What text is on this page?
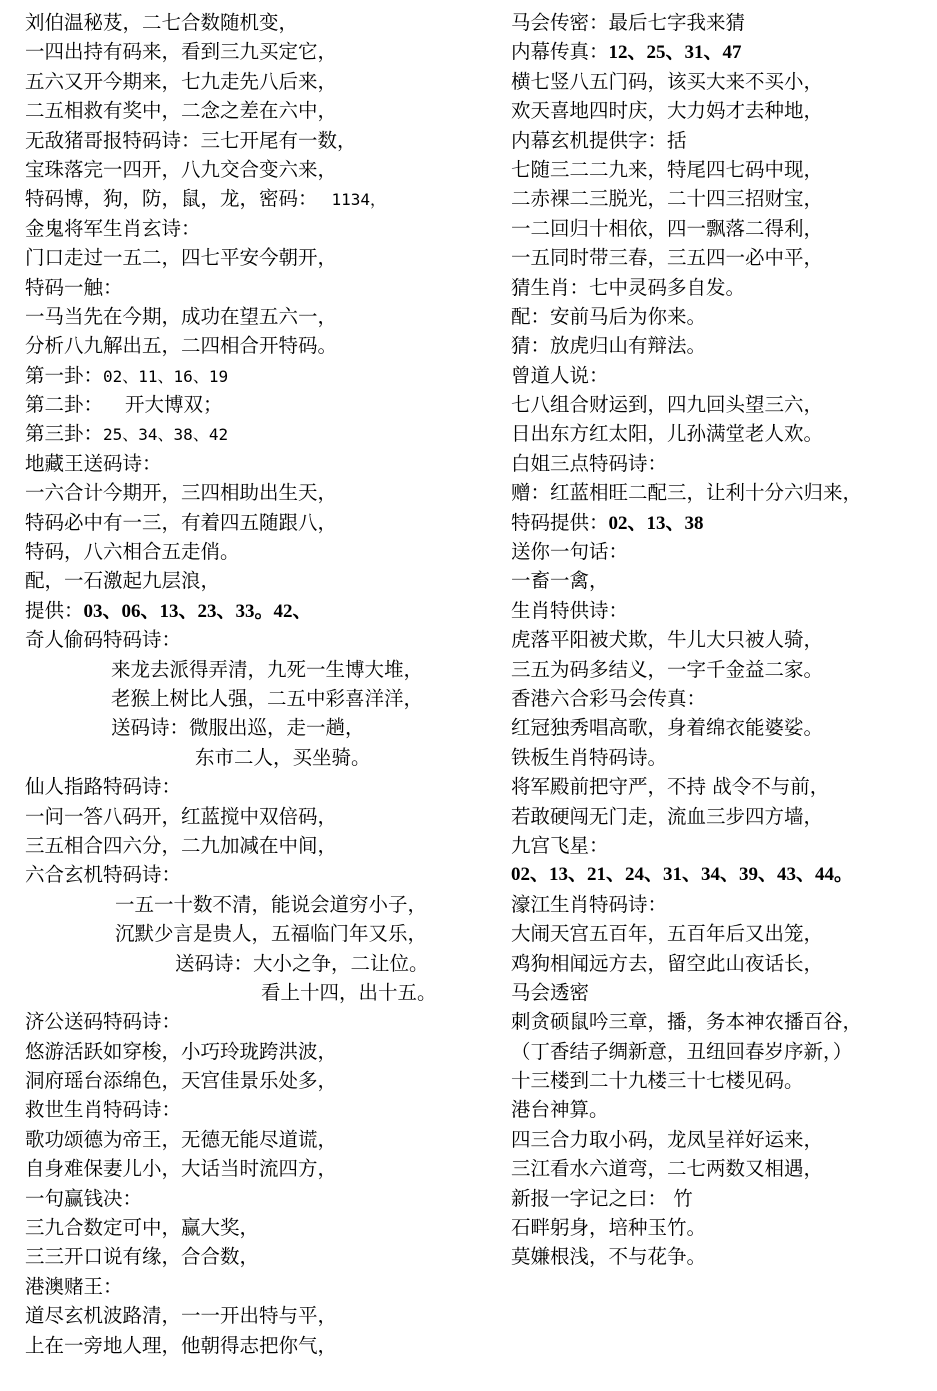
刘伯温秘芨，二七合数随机变，
一四出持有码来，看到三九买定它，
五六又开今期来，七九走先八后来，
二五相救有奖中，二念之差在六中，
无敌猪哥报特码诗：三七开尾有一数，
宝珠落完一四开，八九交合变六来，
特码博，狗，防，鼠，龙，密码： 1134，
金鬼将军生肖玄诗：
门口走过一五二，四七平安今朝开，
特码一触：
一马当先在今期，成功在望五六一，
分析八九解出五，二四相合开特码。
第一卦：02、11、16、19
第二卦： 开大博双；
第三卦：25、34、38、42
地藏王送码诗：
一六合计今期开，三四相助出生天，
特码必中有一三，有着四五随跟八，
特码，八六相合五走俏。
配，一石激起九层浪，
提供：03、06、13、23、33。42、
奇人偷码特码诗：
来龙去派得弄清，九死一生博大堆，
老猴上树比人强，二五中彩喜洋洋，
送码诗：微服出巡，走一趟，
东市二人，买坐骑。
仙人指路特码诗：
一问一答八码开，红蓝搅中双倍码，
三五相合四六分，二九加减在中间，
六合玄机特码诗：
一五一十数不清，能说会道穷小子，
沉默少言是贵人，五福临门年又乐，
送码诗：大小之争，二让位。
看上十四，出十五。
济公送码特码诗：
悠游活跃如穿梭，小巧玲珑跨洪波，
洞府瑶台添绵色，天宫佳景乐处多，
救世生肖特码诗：
歌功颂德为帝王，无德无能尽道谎，
自身难保妻儿小，大话当时流四方，
一句赢钱决：
三九合数定可中，赢大奖，
三三开口说有缘，合合数，
港澳赌王：
道尽玄机波路清，一一开出特与平，
上在一旁地人理，他朝得志把你气，
马会传密：最后七字我来猜
内幕传真：12、25、31、47
横七竖八五门码，该买大来不买小，
欢天喜地四时庆，大力妈才去种地，
内幕玄机提供字：括
七随三二二九来，特尾四七码中现，
二赤裸二三脱光，二十四三招财宝，
一二回归十相依，四一飘落二得利，
一五同时带三春，三五四一必中平，
猜生肖：七中灵码多自发。
配：安前马后为你来。
猜：放虎归山有辩法。
曾道人说：
七八组合财运到，四九回头望三六，
日出东方红太阳，儿孙满堂老人欢。
白姐三点特码诗：
赠：红蓝相旺二配三，让利十分六归来，
特码提供：02、13、38
送你一句话：
一畜一禽，
生肖特供诗：
虎落平阳被犬欺，牛儿大只被人骑，
三五为码多结义，一字千金益二家。
香港六合彩马会传真：
红冠独秀唱高歌，身着绵衣能婆娑。
铁板生肖特码诗。
将军殿前把守严，不持 战令不与前，
若敢硬闯无门走，流血三步四方墙，
九宫飞星：
02、13、21、24、31、34、39、43、44。
濠江生肖特码诗：
大闹天宫五百年，五百年后又出笼，
鸡狗相闻远方去，留空此山夜话长，
马会透密
刺贪硕鼠吟三章，播，务本神农播百谷，
（丁香结子绸新意，丑纽回春岁序新，）
十三楼到二十九楼三十七楼见码。
港台神算。
四三合力取小码，龙凤呈祥好运来，
三江看水六道弯，二七两数又相遇，
新报一字记之曰： 竹
石畔躬身，培种玉竹。
莫嫌根浅，不与花争。
